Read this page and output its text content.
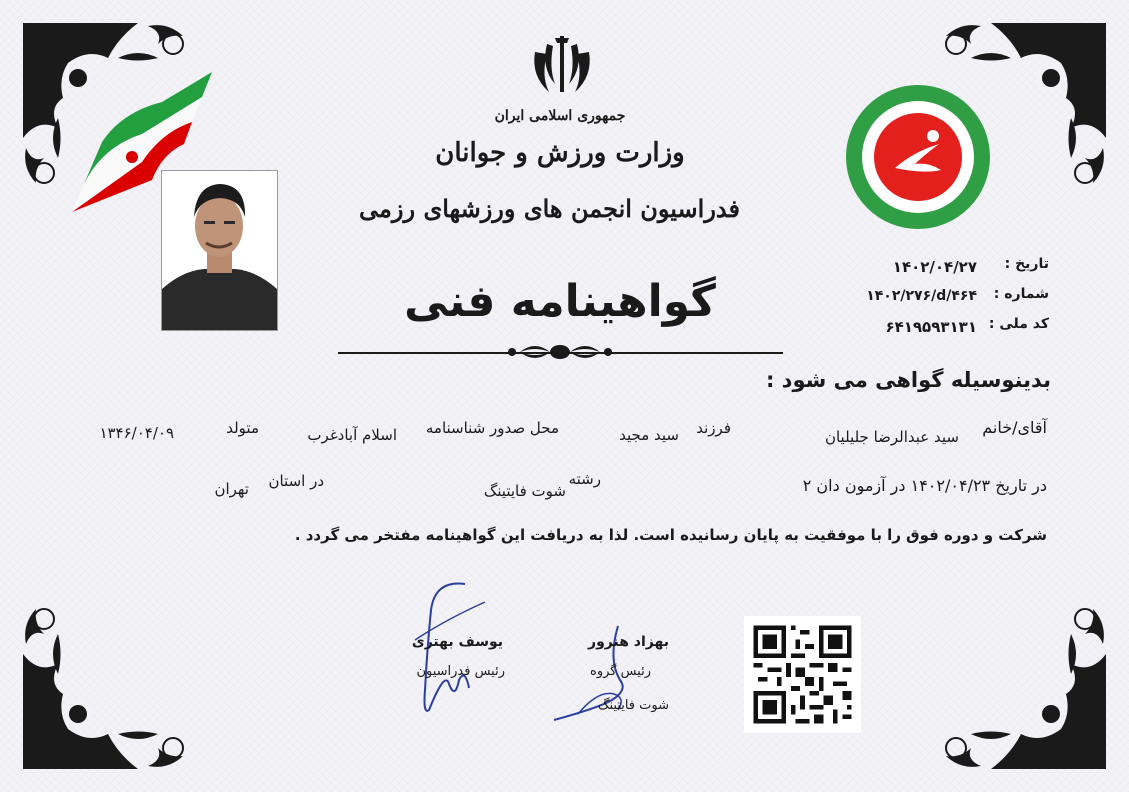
جمهوری اسلامی ایران
وزارت ورزش و جوانان
فدراسیون انجمن های ورزشهای رزمی
تاریخ :
۱۴۰۲/۰۴/۲۷
شماره :
۱۴۰۲/۲۷۶/d/۴۶۴
کد ملی :
۶۴۱۹۵۹۳۱۳۱
گواهینامه فنی
بدینوسیله گواهی می شود :
آقای/خانم
سید عبدالرضا جلیلیان
فرزند
سید مجید
محل صدور شناسنامه
اسلام آبادغرب
متولد
۱۳۴۶/۰۴/۰۹
در تاریخ ۱۴۰۲/۰۴/۲۳ در آزمون دان ۲
رشته
شوت فایتینگ
در استان
تهران
شرکت و دوره فوق را با موفقیت به پایان رسانیده است. لذا به دریافت این گواهینامه مفتخر می گردد .
یوسف بهتری
رئیس فدراسیون
بهزاد هنرور
رئیس گروه
شوت فایتینگ
